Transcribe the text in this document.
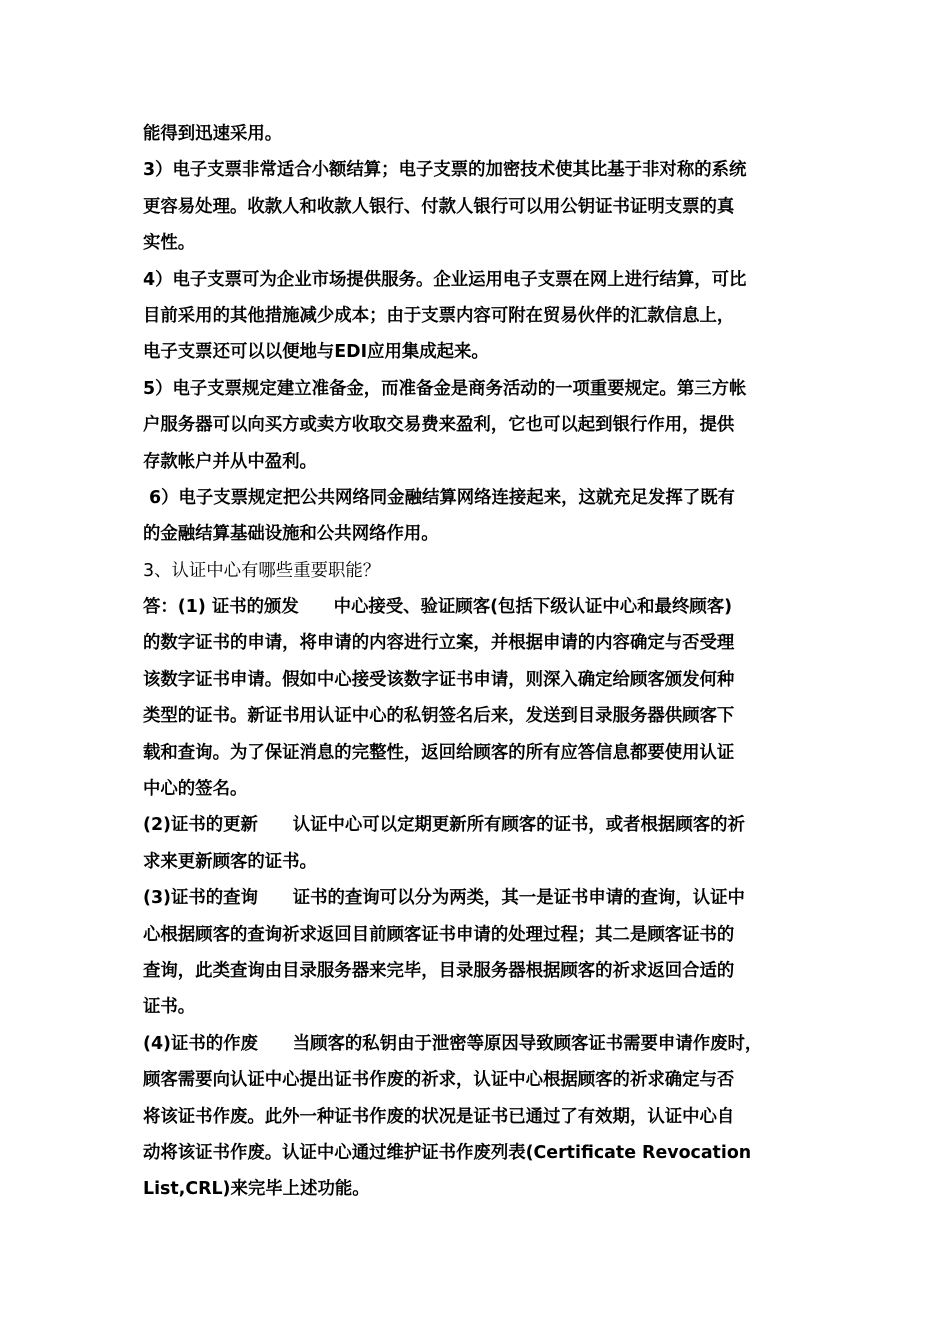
能得到迅速采用。
3）电子支票非常适合小额结算；电子支票的加密技术使其比基于非对称的系统
更容易处理。收款人和收款人银行、付款人银行可以用公钥证书证明支票的真
实性。
4）电子支票可为企业市场提供服务。企业运用电子支票在网上进行结算，可比
目前采用的其他措施减少成本；由于支票内容可附在贸易伙伴的汇款信息上，
电子支票还可以以便地与EDI应用集成起来。
5）电子支票规定建立准备金，而准备金是商务活动的一项重要规定。第三方帐
户服务器可以向买方或卖方收取交易费来盈利，它也可以起到银行作用，提供
存款帐户并从中盈利。
6）电子支票规定把公共网络同金融结算网络连接起来，这就充足发挥了既有
的金融结算基础设施和公共网络作用。
3、认证中心有哪些重要职能？
答：(1) 证书的颁发　　中心接受、验证顾客(包括下级认证中心和最终顾客)
的数字证书的申请，将申请的内容进行立案，并根据申请的内容确定与否受理
该数字证书申请。假如中心接受该数字证书申请，则深入确定给顾客颁发何种
类型的证书。新证书用认证中心的私钥签名后来，发送到目录服务器供顾客下
载和查询。为了保证消息的完整性，返回给顾客的所有应答信息都要使用认证
中心的签名。
(2)证书的更新　　认证中心可以定期更新所有顾客的证书，或者根据顾客的祈
求来更新顾客的证书。
(3)证书的查询　　证书的查询可以分为两类，其一是证书申请的查询，认证中
心根据顾客的查询祈求返回目前顾客证书申请的处理过程；其二是顾客证书的
查询，此类查询由目录服务器来完毕，目录服务器根据顾客的祈求返回合适的
证书。
(4)证书的作废　　当顾客的私钥由于泄密等原因导致顾客证书需要申请作废时，
顾客需要向认证中心提出证书作废的祈求，认证中心根据顾客的祈求确定与否
将该证书作废。此外一种证书作废的状况是证书已通过了有效期，认证中心自
动将该证书作废。认证中心通过维护证书作废列表(Certificate Revocation
List,CRL)来完毕上述功能。
